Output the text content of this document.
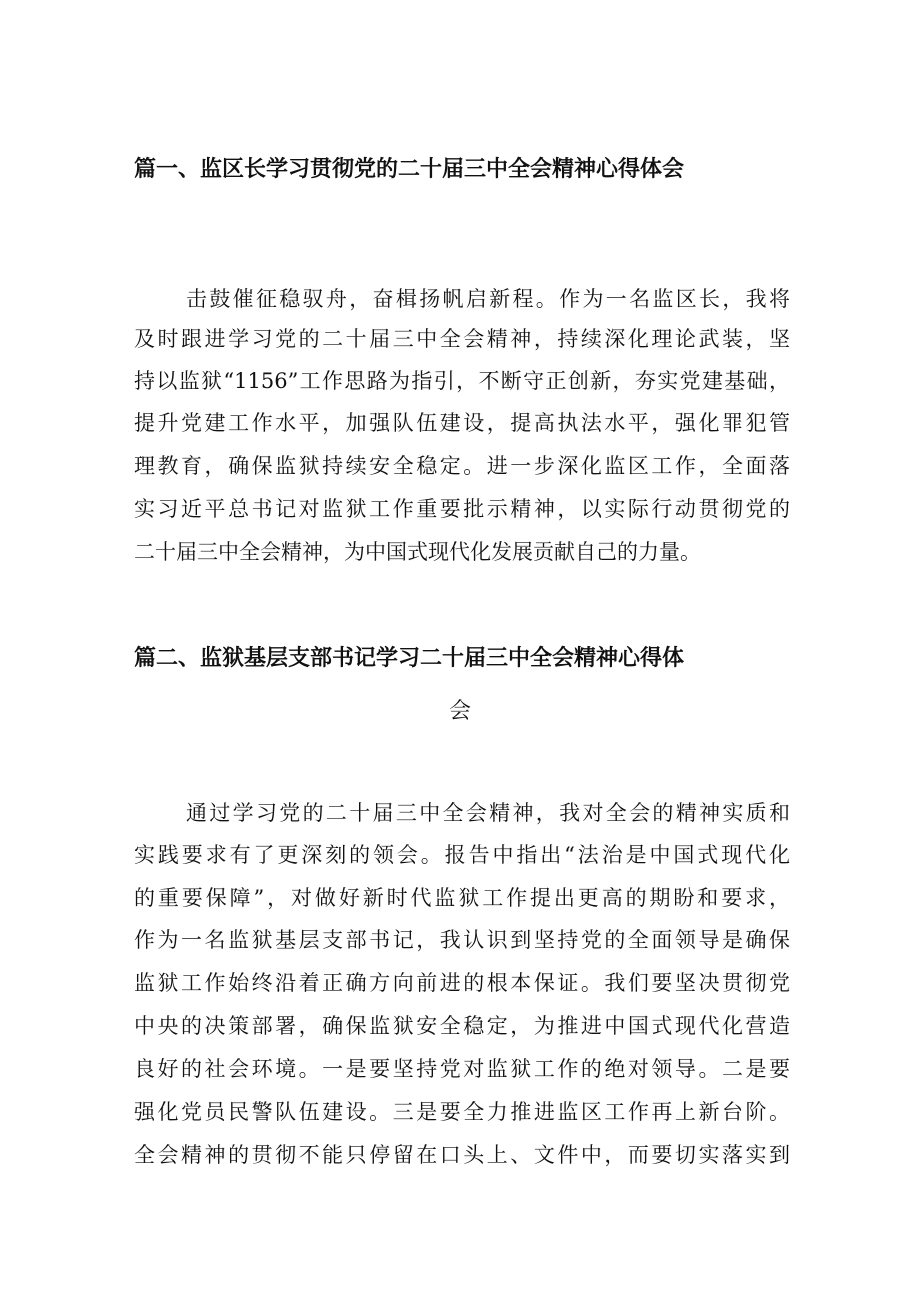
篇一、监区长学习贯彻党的二十届三中全会精神心得体会
击鼓催征稳驭舟，奋楫扬帆启新程。作为一名监区长，我将
及时跟进学习党的二十届三中全会精神，持续深化理论武装，坚
持以监狱“1156”工作思路为指引，不断守正创新，夯实党建基础，
提升党建工作水平，加强队伍建设，提高执法水平，强化罪犯管
理教育，确保监狱持续安全稳定。进一步深化监区工作，全面落
实习近平总书记对监狱工作重要批示精神，以实际行动贯彻党的
二十届三中全会精神，为中国式现代化发展贡献自己的力量。
篇二、监狱基层支部书记学习二十届三中全会精神心得体
会
通过学习党的二十届三中全会精神，我对全会的精神实质和
实践要求有了更深刻的领会。报告中指出“法治是中国式现代化
的重要保障”，对做好新时代监狱工作提出更高的期盼和要求，
作为一名监狱基层支部书记，我认识到坚持党的全面领导是确保
监狱工作始终沿着正确方向前进的根本保证。我们要坚决贯彻党
中央的决策部署，确保监狱安全稳定，为推进中国式现代化营造
良好的社会环境。一是要坚持党对监狱工作的绝对领导。二是要
强化党员民警队伍建设。三是要全力推进监区工作再上新台阶。
全会精神的贯彻不能只停留在口头上、文件中，而要切实落实到
